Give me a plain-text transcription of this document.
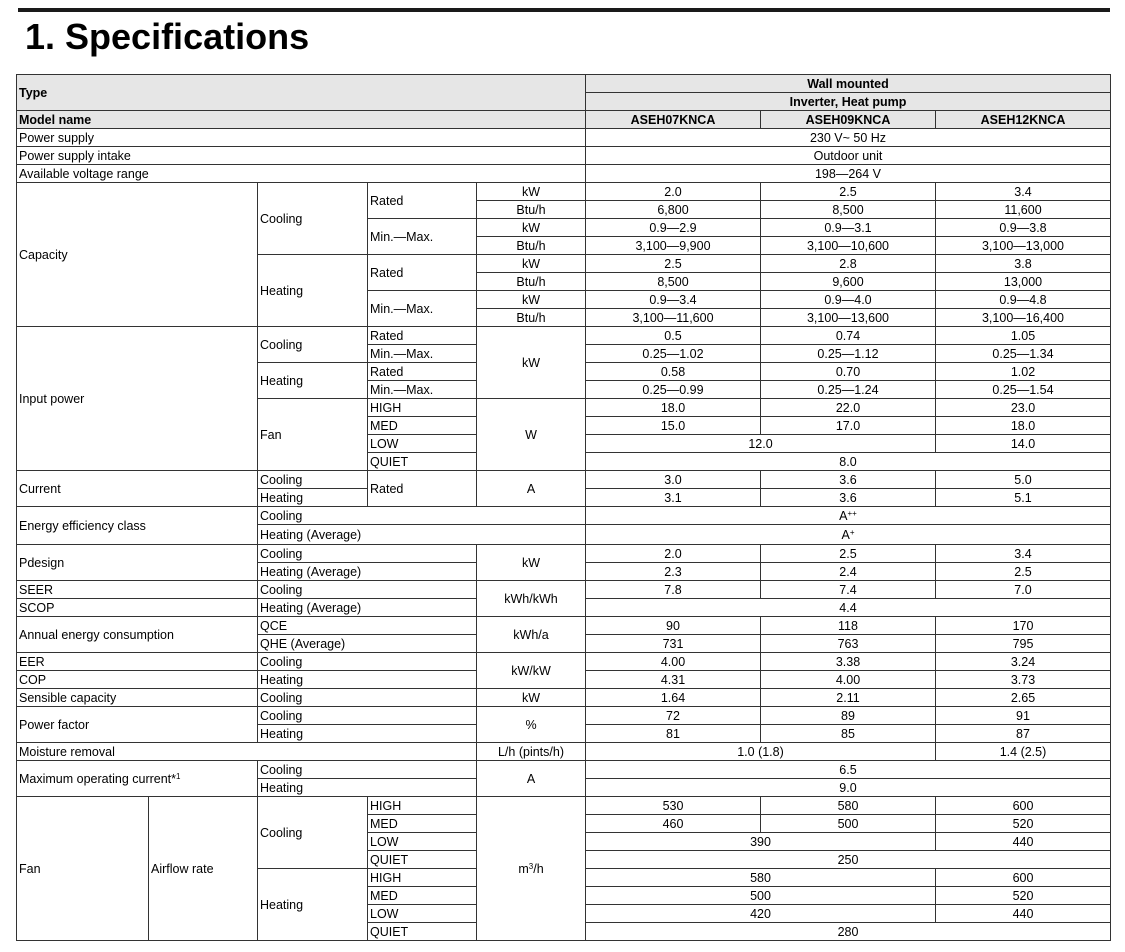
1. Specifications
Type					Wall mounted		
					Inverter, Heat pump		
Model name					ASEH07KNCA	ASEH09KNCA	ASEH12KNCA
Power supply					230 V~ 50 Hz		
Power supply intake					Outdoor unit		
Available voltage range					198—264 V		
Capacity		Cooling	Rated	kW	2.0	2.5	3.4
				Btu/h	6,800	8,500	11,600
			Min.—Max.	kW	0.9—2.9	0.9—3.1	0.9—3.8
				Btu/h	3,100—9,900	3,100—10,600	3,100—13,000
		Heating	Rated	kW	2.5	2.8	3.8
				Btu/h	8,500	9,600	13,000
			Min.—Max.	kW	0.9—3.4	0.9—4.0	0.9—4.8
				Btu/h	3,100—11,600	3,100—13,600	3,100—16,400
Input power		Cooling	Rated	kW	0.5	0.74	1.05
			Min.—Max.		0.25—1.02	0.25—1.12	0.25—1.34
		Heating	Rated		0.58	0.70	1.02
			Min.—Max.		0.25—0.99	0.25—1.24	0.25—1.54
		Fan	HIGH	W	18.0	22.0	23.0
			MED		15.0	17.0	18.0
			LOW		12.0		14.0
			QUIET		8.0		
Current		Cooling	Rated	A	3.0	3.6	5.0
		Heating			3.1	3.6	5.1
Energy efficiency class		Cooling			A++
		Heating (Average)			A+
Pdesign		Cooling		kW	2.0	2.5	3.4
		Heating (Average)			2.3	2.4	2.5
SEER		Cooling		kWh/kWh	7.8	7.4	7.0
SCOP		Heating (Average)			4.4		
Annual energy consumption		QCE		kWh/a	90	118	170
		QHE (Average)			731	763	795
EER		Cooling		kW/kW	4.00	3.38	3.24
COP		Heating			4.31	4.00	3.73
Sensible capacity		Cooling		kW	1.64	2.11	2.65
Power factor		Cooling		%	72	89	91
		Heating			81	85	87
Moisture removal				L/h (pints/h)	1.0 (1.8)		1.4 (2.5)
Maximum operating current*$^1$		Cooling		A	6.5		
		Heating			9.0		
Fan	Airflow rate	Cooling	HIGH	$m^3/h$	530	580	600
			MED		460	500	520
			LOW		390		440
			QUIET		250		
		Heating	HIGH		580		600
			MED		500		520
			LOW		420		440
			QUIET		280		
